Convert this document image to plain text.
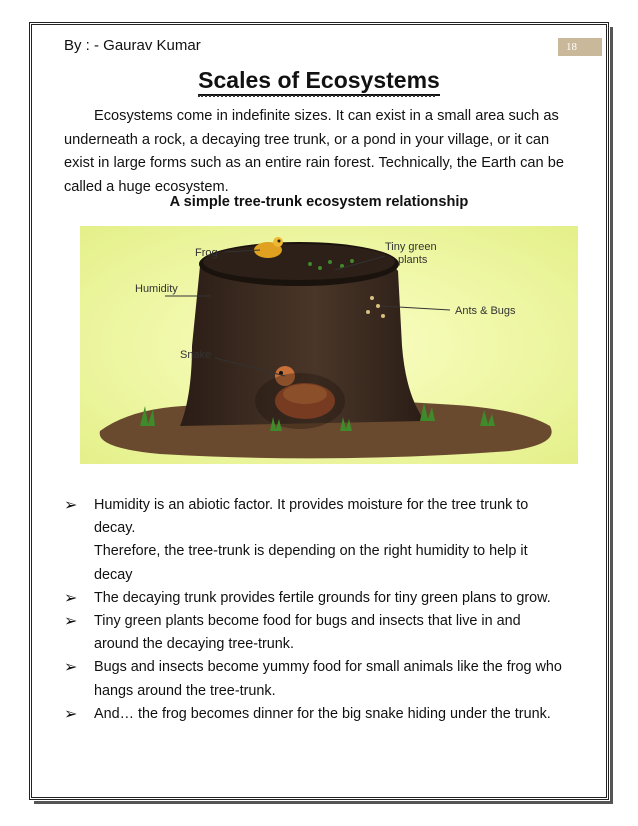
By : - Gaurav Kumar	18
Scales of Ecosystems
Ecosystems come in indefinite sizes. It can exist in a small area such as
underneath a rock, a decaying tree trunk, or a pond in your village, or it can
exist in large forms such as an entire rain forest. Technically, the Earth can be
called a huge ecosystem.
A simple tree-trunk ecosystem relationship
Frog	Tiny green
plants
Humidity
Ants & Bugs
Snake
➢ Humidity is an abiotic factor. It provides moisture for the tree trunk to
decay.
Therefore, the tree-trunk is depending on the right humidity to help it
decay
➢ The decaying trunk provides fertile grounds for tiny green plans to grow.
➢ Tiny green plants become food for bugs and insects that live in and
around the decaying tree-trunk.
➢ Bugs and insects become yummy food for small animals like the frog who
hangs around the tree-trunk.
➢ And… the frog becomes dinner for the big snake hiding under the trunk.
